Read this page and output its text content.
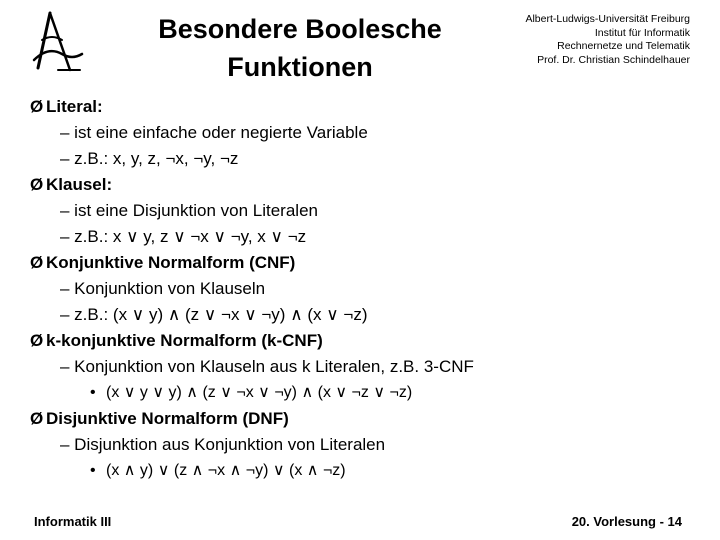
Besondere Boolesche
Funktionen
Albert-Ludwigs-Universität Freiburg
Institut für Informatik
Rechnernetze und Telematik
Prof. Dr. Christian Schindelhauer
Ø Literal:
– ist eine einfache oder negierte Variable
– z.B.: x, y, z, ¬x, ¬y, ¬z
Ø Klausel:
– ist eine Disjunktion von Literalen
– z.B.: x ∨ y, z ∨ ¬x ∨ ¬y, x ∨ ¬z
Ø Konjunktive Normalform (CNF)
– Konjunktion von Klauseln
– z.B.: (x ∨ y) ∧ (z ∨ ¬x ∨ ¬y) ∧ (x ∨ ¬z)
Ø k-konjunktive Normalform (k-CNF)
– Konjunktion von Klauseln aus k Literalen, z.B. 3-CNF
• (x ∨ y ∨ y) ∧ (z ∨ ¬x ∨ ¬y) ∧ (x ∨ ¬z ∨ ¬z)
Ø Disjunktive Normalform (DNF)
– Disjunktion aus Konjunktion von Literalen
• (x ∧ y) ∨ (z ∧ ¬x ∧ ¬y) ∨ (x ∧ ¬z)
Informatik III	20. Vorlesung - 14
